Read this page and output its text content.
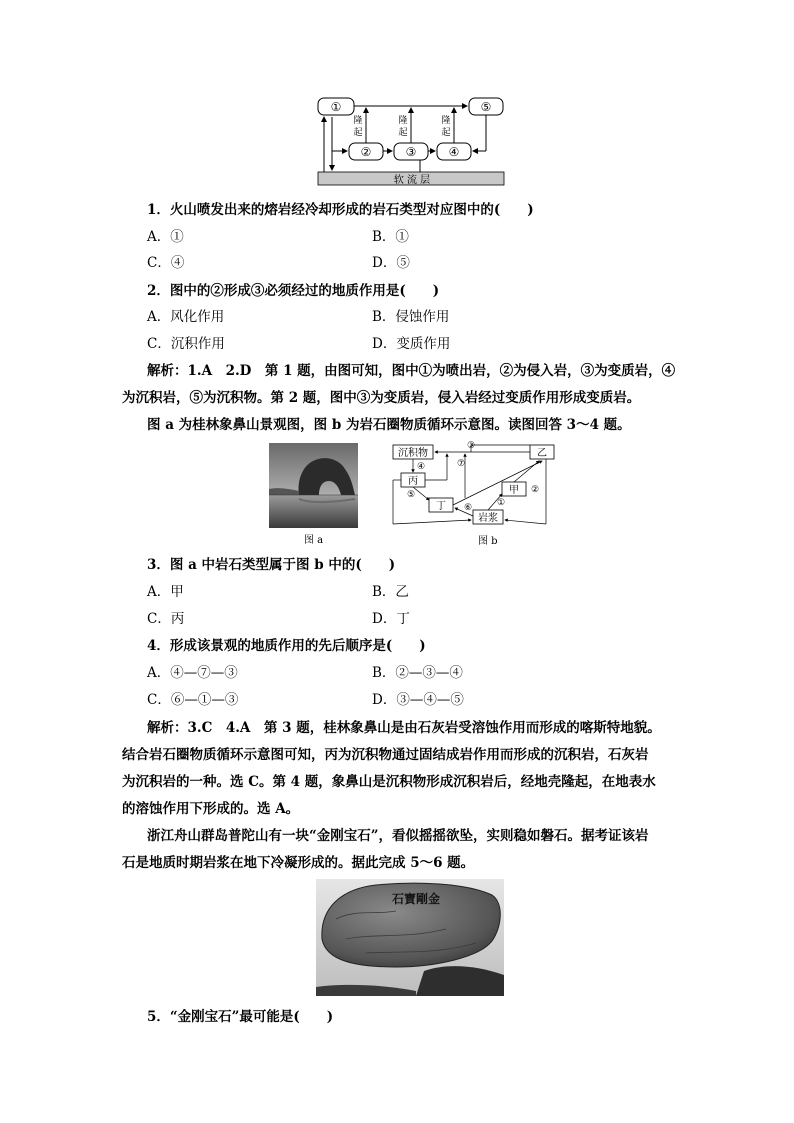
软 流 层
①	⑤
②	③	④
隆
起
隆
起
隆
起
1．火山喷发出来的熔岩经冷却形成的岩石类型对应图中的(　　)
A．①	B．①
C．④	D．⑤
2．图中的②形成③必须经过的地质作用是(　　)
A．风化作用	B．侵蚀作用
C．沉积作用	D．变质作用
解析：1.A　2.D　第 1 题，由图可知，图中①为喷出岩，②为侵入岩，③为变质岩，④
为沉积岩，⑤为沉积物。第 2 题，图中③为变质岩，侵入岩经过变质作用形成变质岩。
图 a 为桂林象鼻山景观图，图 b 为岩石圈物质循环示意图。读图回答 3～4 题。
图 a
沉积物	乙
丙
甲
丁
岩浆
④
③
⑦
⑤	②
①
⑥
图 b
3．图 a 中岩石类型属于图 b 中的(　　)
A．甲	B．乙
C．丙	D．丁
4．形成该景观的地质作用的先后顺序是(　　)
A．④—⑦—③	B．②—③—④
C．⑥—①—③	D．③—④—⑤
解析：3.C　4.A　第 3 题，桂林象鼻山是由石灰岩受溶蚀作用而形成的喀斯特地貌。
结合岩石圈物质循环示意图可知，丙为沉积物通过固结成岩作用而形成的沉积岩，石灰岩
为沉积岩的一种。选 C。第 4 题，象鼻山是沉积物形成沉积岩后，经地壳隆起，在地表水
的溶蚀作用下形成的。选 A。
浙江舟山群岛普陀山有一块“金刚宝石”，看似摇摇欲坠，实则稳如磐石。据考证该岩
石是地质时期岩浆在地下冷凝形成的。据此完成 5～6 题。
石寶剛金
5．“金刚宝石”最可能是(　　)
